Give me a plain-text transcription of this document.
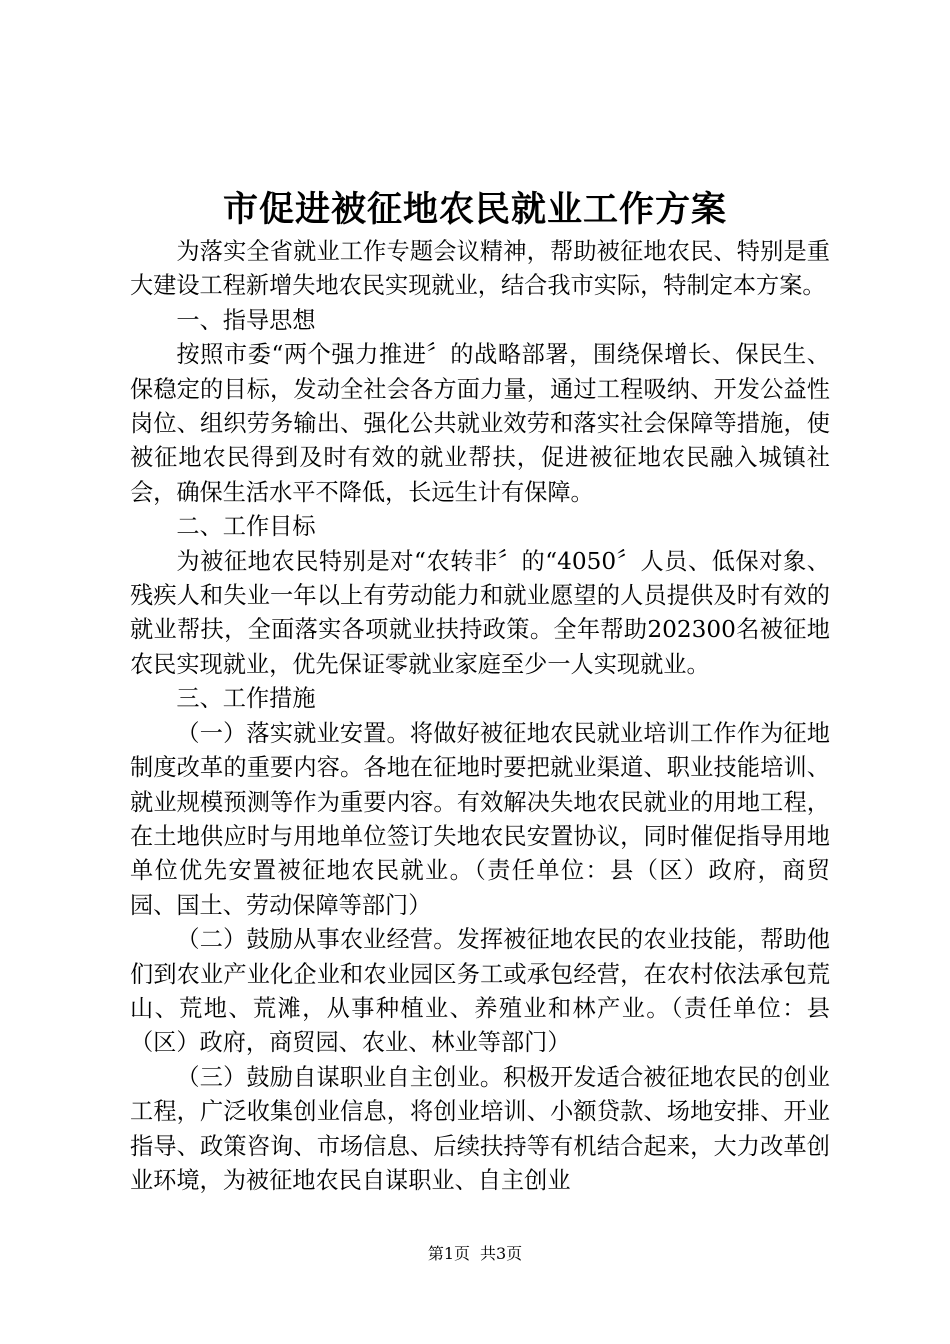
市促进被征地农民就业工作方案

为落实全省就业工作专题会议精神，帮助被征地农民、特别是重大建设工程新增失地农民实现就业，结合我市实际，特制定本方案。

一、指导思想

按照市委“两个强力推进〞的战略部署，围绕保增长、保民生、保稳定的目标，发动全社会各方面力量，通过工程吸纳、开发公益性岗位、组织劳务输出、强化公共就业效劳和落实社会保障等措施，使被征地农民得到及时有效的就业帮扶，促进被征地农民融入城镇社会，确保生活水平不降低，长远生计有保障。

二、工作目标

为被征地农民特别是对“农转非〞的“4050〞人员、低保对象、残疾人和失业一年以上有劳动能力和就业愿望的人员提供及时有效的就业帮扶，全面落实各项就业扶持政策。全年帮助202300名被征地农民实现就业，优先保证零就业家庭至少一人实现就业。

三、工作措施

（一）落实就业安置。将做好被征地农民就业培训工作作为征地制度改革的重要内容。各地在征地时要把就业渠道、职业技能培训、就业规模预测等作为重要内容。有效解决失地农民就业的用地工程，在土地供应时与用地单位签订失地农民安置协议，同时催促指导用地单位优先安置被征地农民就业。（责任单位：县（区）政府，商贸园、国土、劳动保障等部门）

（二）鼓励从事农业经营。发挥被征地农民的农业技能，帮助他们到农业产业化企业和农业园区务工或承包经营，在农村依法承包荒山、荒地、荒滩，从事种植业、养殖业和林产业。（责任单位：县（区）政府，商贸园、农业、林业等部门）

（三）鼓励自谋职业自主创业。积极开发适合被征地农民的创业工程，广泛收集创业信息，将创业培训、小额贷款、场地安排、开业指导、政策咨询、市场信息、后续扶持等有机结合起来，大力改革创业环境，为被征地农民自谋职业、自主创业

第1页 共3页
